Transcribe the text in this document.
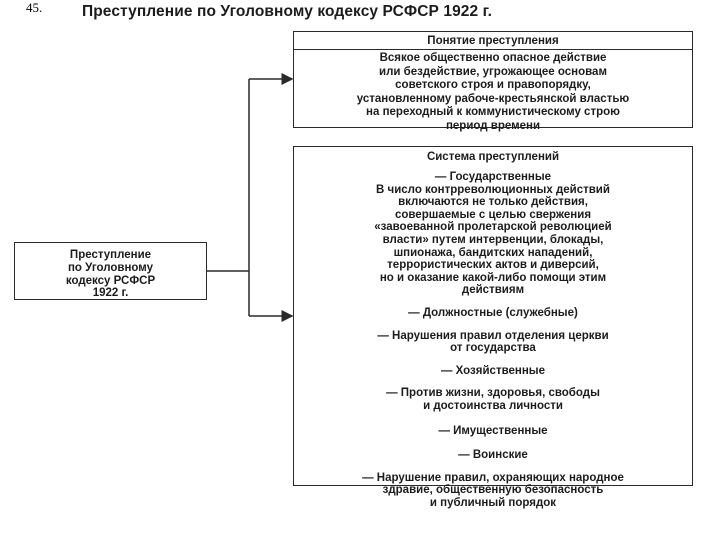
45.	Преступление по Уголовному кодексу РСФСР 1922 г.
Понятие преступления
Всякое общественно опасное действие
или бездействие, угрожающее основам
советского строя и правопорядку,
установленному рабоче-крестьянской властью
на переходный к коммунистическому строю
период времени
Система преступлений
— Государственные
В число контрреволюционных действий
включаются не только действия,
совершаемые с целью свержения
«завоеванной пролетарской революцией
власти» путем интервенции, блокады,
шпионажа, бандитских нападений,
террористических актов и диверсий,
но и оказание какой-либо помощи этим
действиям
— Должностные (служебные)
— Нарушения правил отделения церкви
от государства
— Хозяйственные
— Против жизни, здоровья, свободы
и достоинства личности
— Имущественные
— Воинские
— Нарушение правил, охраняющих народное
здравие, общественную безопасность
и публичный порядок
Преступление
по Уголовному
кодексу РСФСР
1922 г.
